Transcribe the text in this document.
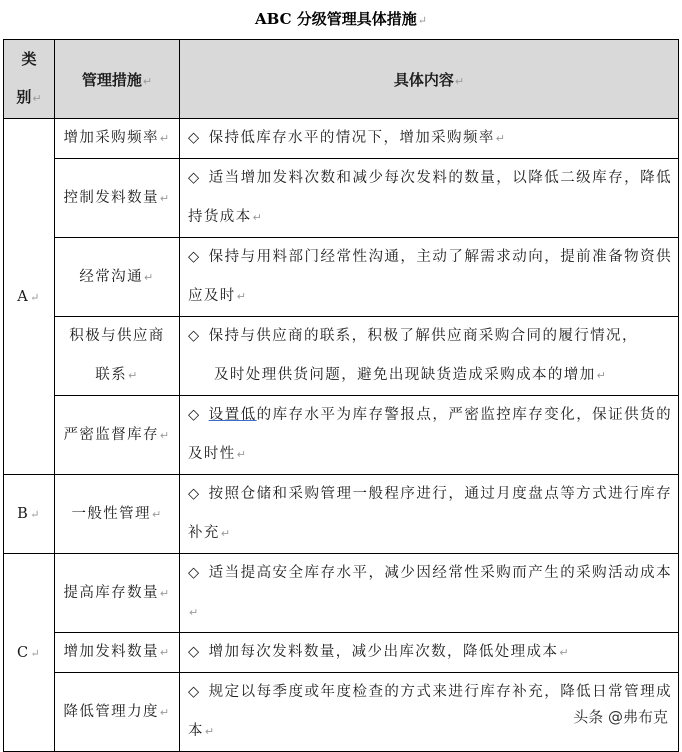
ABC 分级管理具体措施↵
类
别↵	管理措施↵	具体内容↵
A↵	增加采购频率↵	◇ 保持低库存水平的情况下，增加采购频率↵
	控制发料数量↵	◇ 适当增加发料次数和减少每次发料的数量，以降低二级库存，降低持货成本↵
	经常沟通↵	◇ 保持与用料部门经常性沟通，主动了解需求动向，提前准备物资供应及时↵
	积极与供应商
联系↵	◇ 保持与供应商的联系，积极了解供应商采购合同的履行情况，
及时处理供货问题，避免出现缺货造成采购成本的增加↵

	严密监督库存↵	◇ 设置低的库存水平为库存警报点，严密监控库存变化，保证供货的及时性↵
B↵	一般性管理↵	◇ 按照仓储和采购管理一般程序进行，通过月度盘点等方式进行库存补充↵
C↵	提高库存数量↵	◇ 适当提高安全库存水平，减少因经常性采购而产生的采购活动成本↵
	增加发料数量↵	◇ 增加每次发料数量，减少出库次数，降低处理成本↵
	降低管理力度↵	◇ 规定以每季度或年度检查的方式来进行库存补充，降低日常管理成本↵
头条 @弗布克
